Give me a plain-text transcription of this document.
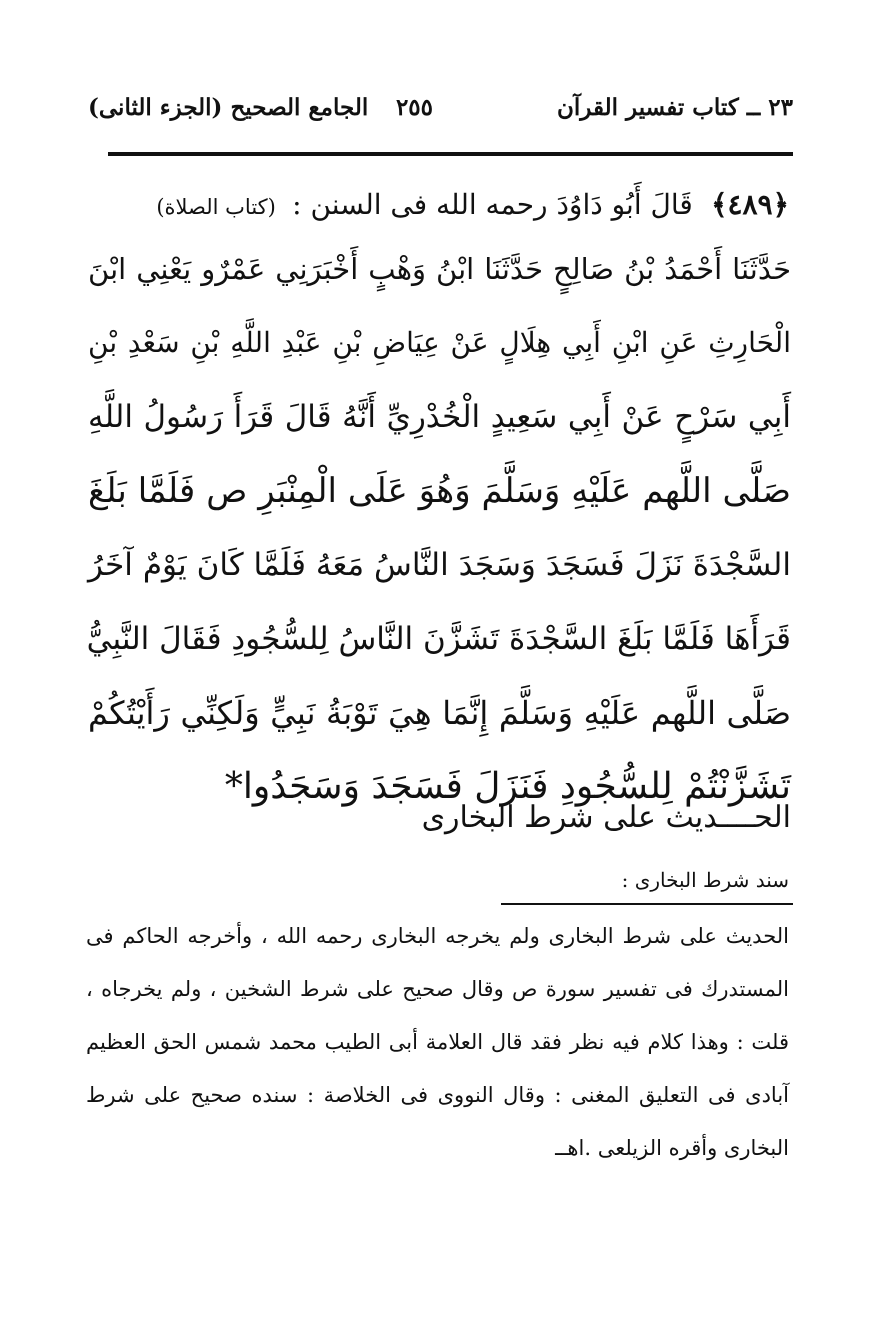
٢٣ ــ كتاب تفسير القرآن
٢٥٥
الجامع الصحيح (الجزء الثانى)
﴿٤٨٩﴾ قَالَ أَبُو دَاوُدَ رحمه الله فى السنن : (كتاب الصلاة)
حَدَّثَنَا أَحْمَدُ بْنُ صَالِحٍ حَدَّثَنَا ابْنُ وَهْبٍ أَخْبَرَنِي عَمْرٌو يَعْنِي ابْنَ
الْحَارِثِ عَنِ ابْنِ أَبِي هِلَالٍ عَنْ عِيَاضِ بْنِ عَبْدِ اللَّهِ بْنِ سَعْدِ بْنِ
أَبِي سَرْحٍ عَنْ أَبِي سَعِيدٍ الْخُدْرِيِّ أَنَّهُ قَالَ قَرَأَ رَسُولُ اللَّهِ
صَلَّى اللَّهم عَلَيْهِ وَسَلَّمَ وَهُوَ عَلَى الْمِنْبَرِ ص فَلَمَّا بَلَغَ
السَّجْدَةَ نَزَلَ فَسَجَدَ وَسَجَدَ النَّاسُ مَعَهُ فَلَمَّا كَانَ يَوْمٌ آخَرُ
قَرَأَهَا فَلَمَّا بَلَغَ السَّجْدَةَ تَشَزَّنَ النَّاسُ لِلسُّجُودِ فَقَالَ النَّبِيُّ
صَلَّى اللَّهم عَلَيْهِ وَسَلَّمَ إِنَّمَا هِيَ تَوْبَةُ نَبِيٍّ وَلَكِنِّي رَأَيْتُكُمْ
تَشَزَّنْتُمْ لِلسُّجُودِ فَنَزَلَ فَسَجَدَ وَسَجَدُوا*
الحــــديث على شرط البخارى
سند شرط البخارى :
الحديث على شرط البخارى ولم يخرجه البخارى رحمه الله ، وأخرجه الحاكم فى
المستدرك فى تفسير سورة ص وقال صحيح على شرط الشخين ، ولم يخرجاه ،
قلت : وهذا كلام فيه نظر فقد قال العلامة أبى الطيب محمد شمس الحق العظيم
آبادى فى التعليق المغنى : وقال النووى فى الخلاصة : سنده صحيح على شرط
البخارى وأقره الزيلعى .اهــ
